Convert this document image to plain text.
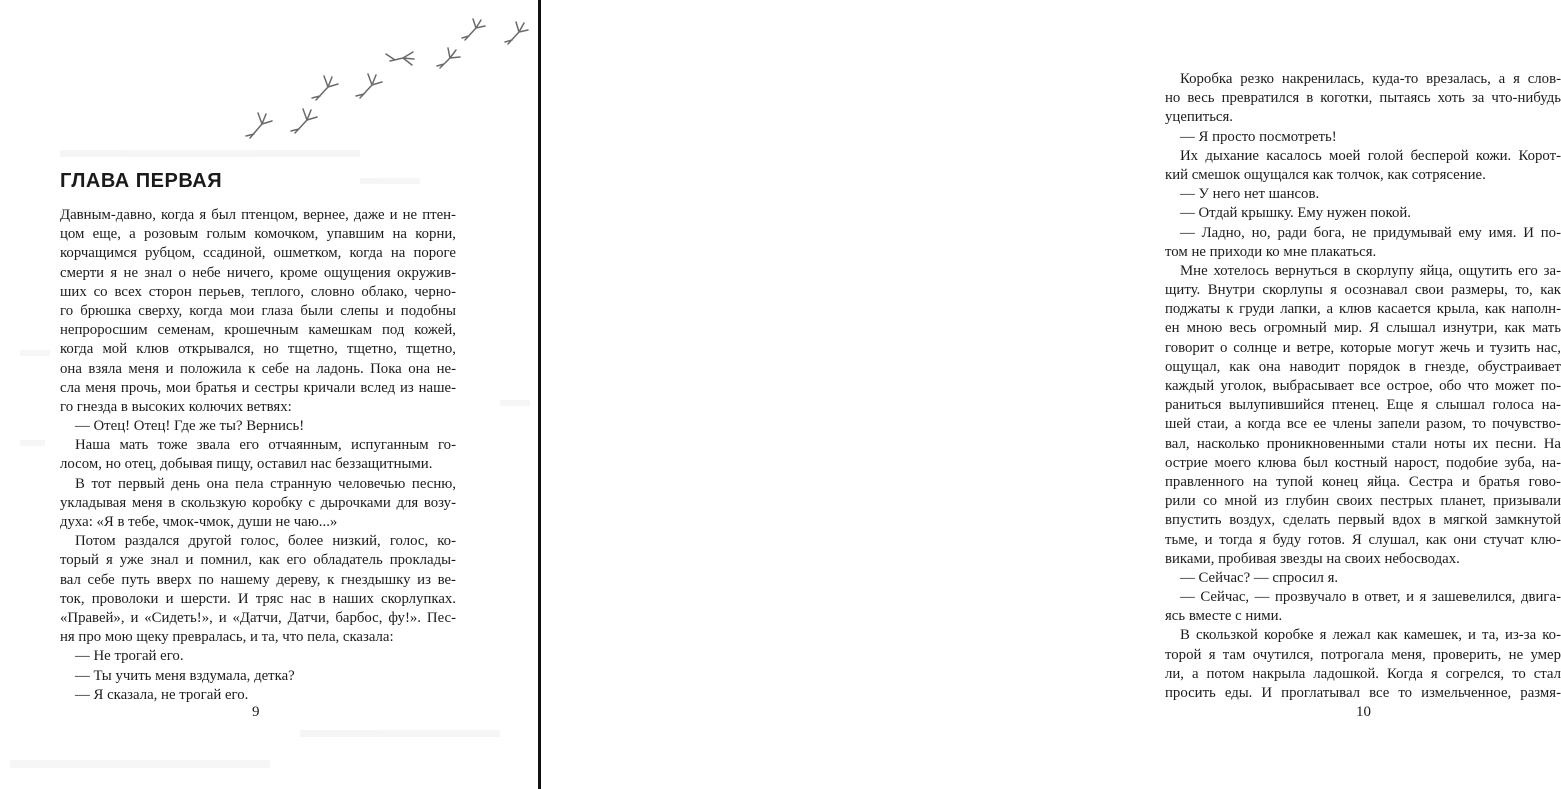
ГЛАВА ПЕРВАЯ
Давным-давно, когда я был птенцом, вернее, даже и не птен-
цом еще, а розовым голым комочком, упавшим на корни,
корчащимся рубцом, ссадиной, ошметком, когда на пороге
смерти я не знал о небе ничего, кроме ощущения окружив-
ших со всех сторон перьев, теплого, словно облако, черно-
го брюшка сверху, когда мои глаза были слепы и подобны
непроросшим семенам, крошечным камешкам под кожей,
когда мой клюв открывался, но тщетно, тщетно, тщетно,
она взяла меня и положила к себе на ладонь. Пока она не-
сла меня прочь, мои братья и сестры кричали вслед из наше-
го гнезда в высоких колючих ветвях:
— Отец! Отец! Где же ты? Вернись!
Наша мать тоже звала его отчаянным, испуганным го-
лосом, но отец, добывая пищу, оставил нас беззащитными.
В тот первый день она пела странную человечью песню,
укладывая меня в скользкую коробку с дырочками для возу-
духа: «Я в тебе, чмок-чмок, души не чаю...»
Потом раздался другой голос, более низкий, голос, ко-
торый я уже знал и помнил, как его обладатель проклады-
вал себе путь вверх по нашему дереву, к гнездышку из ве-
ток, проволоки и шерсти. И тряс нас в наших скорлупках.
«Правей», и «Сидеть!», и «Датчи, Датчи, барбос, фу!». Пес-
ня про мою щеку превралась, и та, что пела, сказала:
— Не трогай его.
— Ты учить меня вздумала, детка?
— Я сказала, не трогай его.
9
Коробка резко накренилась, куда-то врезалась, а я слов-
но весь превратился в коготки, пытаясь хоть за что-нибудь
уцепиться.
— Я просто посмотреть!
Их дыхание касалось моей голой бесперой кожи. Корот-
кий смешок ощущался как толчок, как сотрясение.
— У него нет шансов.
— Отдай крышку. Ему нужен покой.
— Ладно, но, ради бога, не придумывай ему имя. И по-
том не приходи ко мне плакаться.
Мне хотелось вернуться в скорлупу яйца, ощутить его за-
щиту. Внутри скорлупы я осознавал свои размеры, то, как
поджаты к груди лапки, а клюв касается крыла, как наполн-
ен мною весь огромный мир. Я слышал изнутри, как мать
говорит о солнце и ветре, которые могут жечь и тузить нас,
ощущал, как она наводит порядок в гнезде, обустраивает
каждый уголок, выбрасывает все острое, обо что может по-
раниться вылупившийся птенец. Еще я слышал голоса на-
шей стаи, а когда все ее члены запели разом, то почувство-
вал, насколько проникновенными стали ноты их песни. На
острие моего клюва был костный нарост, подобие зуба, на-
правленного на тупой конец яйца. Сестра и братья гово-
рили со мной из глубин своих пестрых планет, призывали
впустить воздух, сделать первый вдох в мягкой замкнутой
тьме, и тогда я буду готов. Я слушал, как они стучат клю-
виками, пробивая звезды на своих небосводах.
— Сейчас? — спросил я.
— Сейчас, — прозвучало в ответ, и я зашевелился, двига-
ясь вместе с ними.
В скользкой коробке я лежал как камешек, и та, из-за ко-
торой я там очутился, потрогала меня, проверить, не умер
ли, а потом накрыла ладошкой. Когда я согрелся, то стал
просить еды. И проглатывал все то измельченное, размя-
10
